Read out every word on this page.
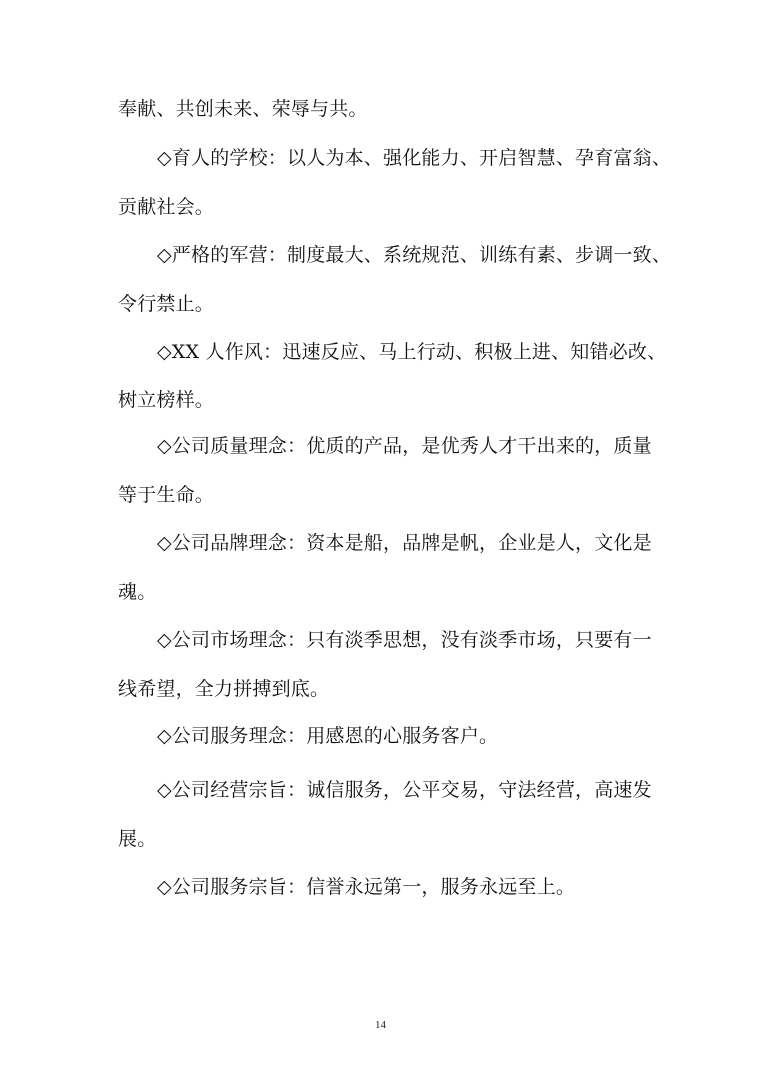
奉献、共创未来、荣辱与共。
◇育人的学校：以人为本、强化能力、开启智慧、孕育富翁、
贡献社会。
◇严格的军营：制度最大、系统规范、训练有素、步调一致、
令行禁止。
◇XX 人作风：迅速反应、马上行动、积极上进、知错必改、
树立榜样。
◇公司质量理念：优质的产品，是优秀人才干出来的，质量
等于生命。
◇公司品牌理念：资本是船，品牌是帆，企业是人，文化是
魂。
◇公司市场理念：只有淡季思想，没有淡季市场，只要有一
线希望，全力拼搏到底。
◇公司服务理念：用感恩的心服务客户。
◇公司经营宗旨：诚信服务，公平交易，守法经营，高速发
展。
◇公司服务宗旨：信誉永远第一，服务永远至上。
14
